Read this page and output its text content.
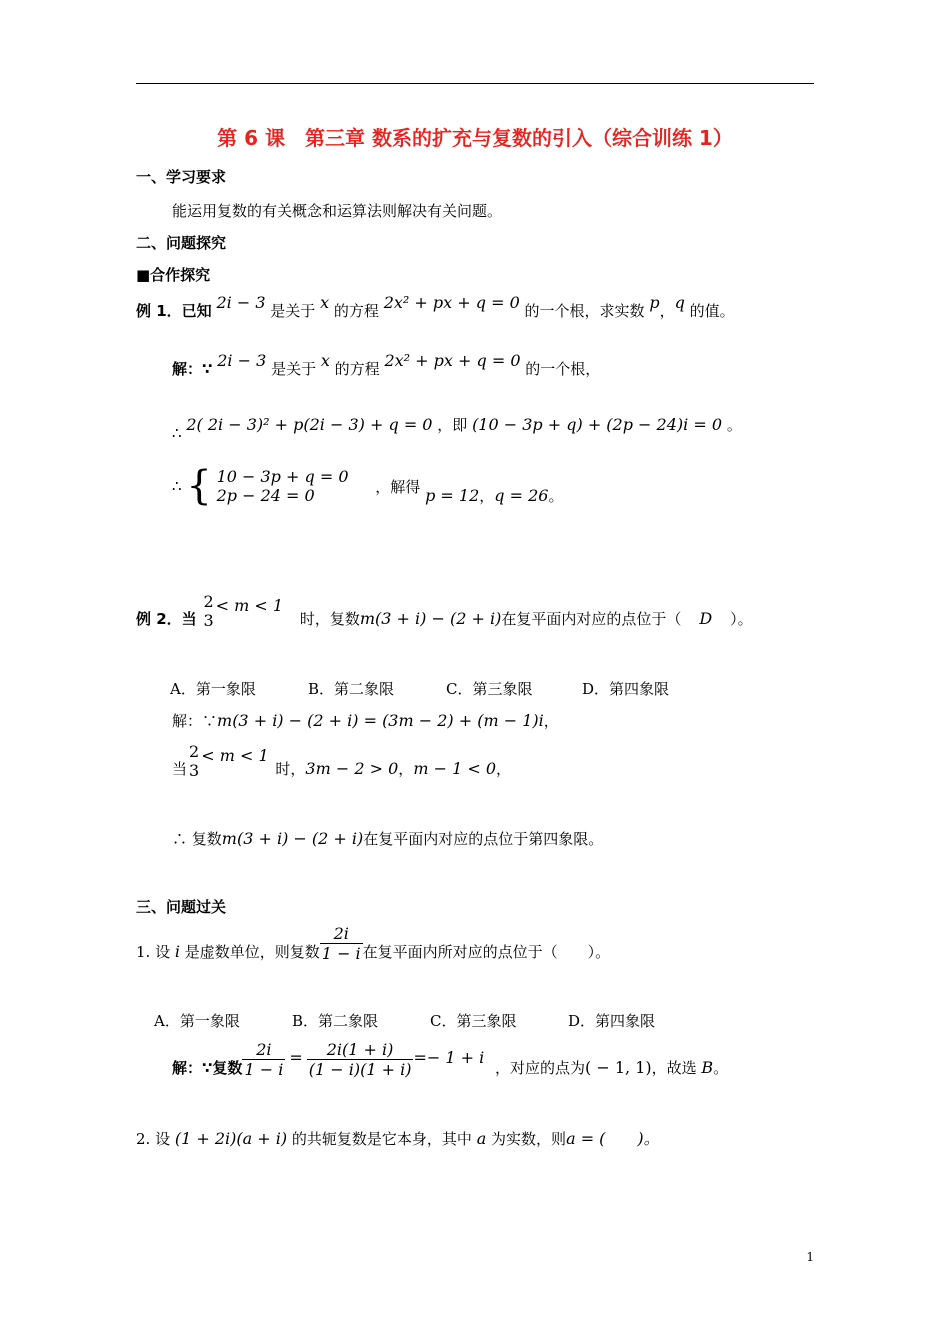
第 6 课　第三章 数系的扩充与复数的引入（综合训练 1）
一、学习要求
能运用复数的有关概念和运算法则解决有关问题。
二、问题探究
■合作探究
例 1．已知 2i − 3 是关于 x 的方程 2x² + px + q = 0 的一个根，求实数 p，q 的值。
解：∵ 2i − 3 是关于 x 的方程 2x² + px + q = 0 的一个根，
∴ 2( 2i − 3)² + p(2i − 3) + q = 0 ，即 (10 − 3p + q) + (2p − 24)i = 0 。
∴ { 10 − 3p + q = 0
2p − 24 = 0	，解得 p = 12，q = 26。
例 2．当
2
3
< m < 1 时，复数m(3 + i) − (2 + i)在复平面内对应的点位于（ D ）。
A．第一象限	B．第二象限	C．第三象限	D．第四象限
解：∵m(3 + i) − (2 + i) = (3m − 2) + (m − 1)i，
当
2
3
< m < 1 时，3m − 2 > 0，m − 1 < 0，
∴ 复数m(3 + i) − (2 + i)在复平面内对应的点位于第四象限。
三、问题过关
1. 设 i 是虚数单位，则复数 $\frac{2i}{1 - i}$ 在复平面内所对应的点位于（　　）。
A．第一象限	B．第二象限	C．第三象限	D．第四象限
解：∵复数 $\frac{2i}{1 - i} = \frac{2i(1 + i)}{(1 - i)(1 + i)} =- 1 + i$ ，对应的点为( − 1, 1)，故选 B。
2. 设 (1 + 2i)(a + i) 的共轭复数是它本身，其中 a 为实数，则a = (　　)。
1
